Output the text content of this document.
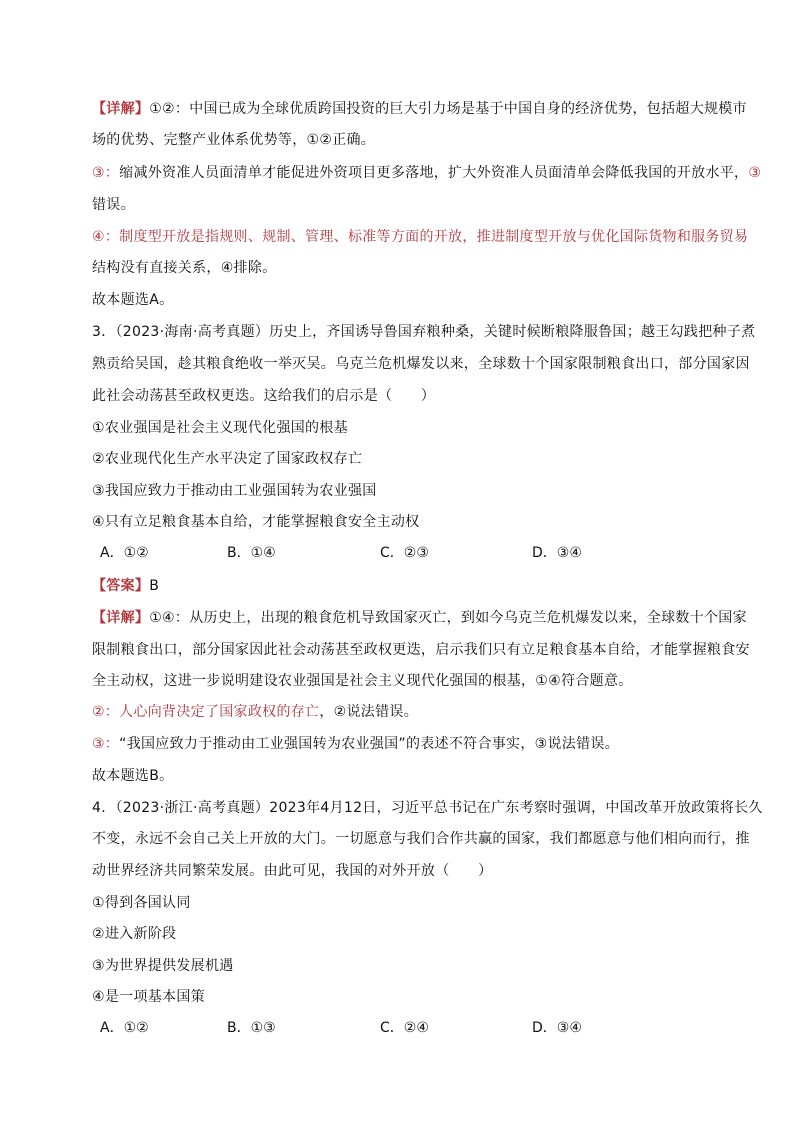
【详解】①②：中国已成为全球优质跨国投资的巨大引力场是基于中国自身的经济优势，包括超大规模市
场的优势、完整产业体系优势等，①②正确。
③：缩减外资准人员面清单才能促进外资项目更多落地，扩大外资准人员面清单会降低我国的开放水平，③
错误。
④：制度型开放是指规则、规制、管理、标准等方面的开放，推进制度型开放与优化国际货物和服务贸易
结构没有直接关系，④排除。
故本题选A。
3．（2023·海南·高考真题）历史上，齐国诱导鲁国弃粮种桑，关键时候断粮降服鲁国；越王勾践把种子煮
熟贡给吴国，趁其粮食绝收一举灭吴。乌克兰危机爆发以来，全球数十个国家限制粮食出口，部分国家因
此社会动荡甚至政权更迭。这给我们的启示是（　　）
①农业强国是社会主义现代化强国的根基
②农业现代化生产水平决定了国家政权存亡
③我国应致力于推动由工业强国转为农业强国
④只有立足粮食基本自给，才能掌握粮食安全主动权
A．①②	B．①④	C．②③	D．③④
【答案】B
【详解】①④：从历史上，出现的粮食危机导致国家灭亡，到如今乌克兰危机爆发以来，全球数十个国家
限制粮食出口，部分国家因此社会动荡甚至政权更迭，启示我们只有立足粮食基本自给，才能掌握粮食安
全主动权，这进一步说明建设农业强国是社会主义现代化强国的根基，①④符合题意。
②：人心向背决定了国家政权的存亡，②说法错误。
③：“我国应致力于推动由工业强国转为农业强国”的表述不符合事实，③说法错误。
故本题选B。
4．（2023·浙江·高考真题）2023年4月12日，习近平总书记在广东考察时强调，中国改革开放政策将长久
不变，永远不会自己关上开放的大门。一切愿意与我们合作共赢的国家，我们都愿意与他们相向而行，推
动世界经济共同繁荣发展。由此可见，我国的对外开放（　　）
①得到各国认同
②进入新阶段
③为世界提供发展机遇
④是一项基本国策
A．①②	B．①③	C．②④	D．③④
